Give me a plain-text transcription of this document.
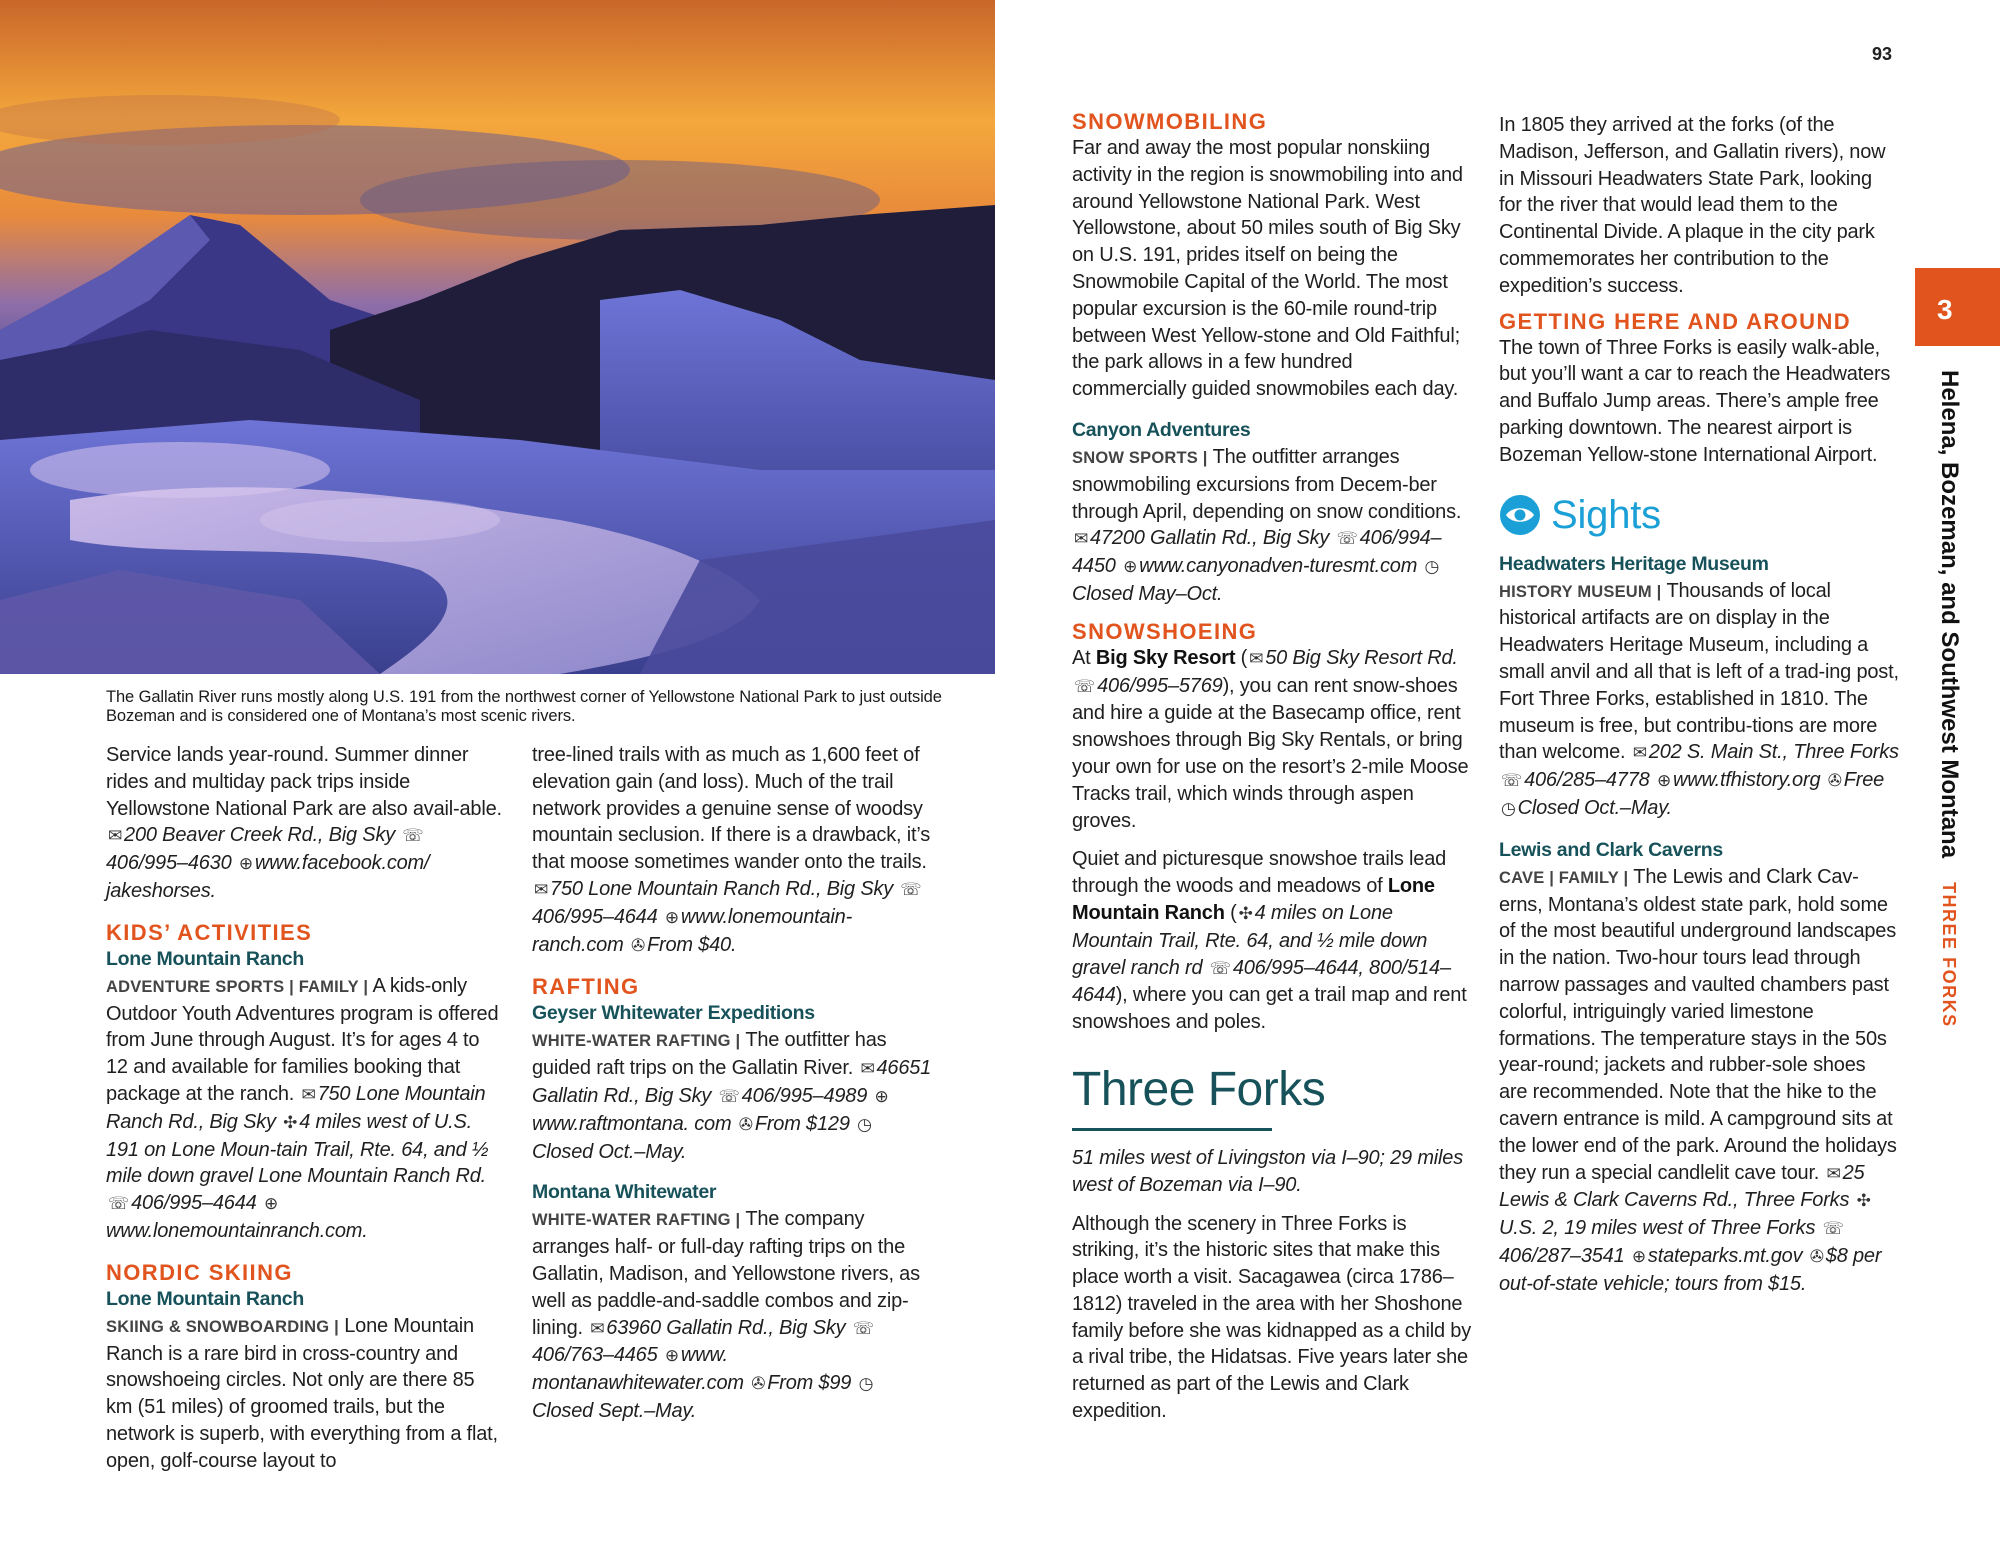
The Gallatin River runs mostly along U.S. 191 from the northwest corner of Yellowstone National Park to just outside Bozeman and is considered one of Montana’s most scenic rivers.

Service lands year-round. Summer dinner rides and multiday pack trips inside Yellowstone National Park are also avail-able. ✉ 200 Beaver Creek Rd., Big Sky ☏406/995–4630 ⊕ www.facebook.com/ jakeshorses.

KIDS’ ACTIVITIES
Lone Mountain Ranch

ADVENTURE SPORTS | FAMILY | A kids-only Outdoor Youth Adventures program is offered from June through August. It’s for ages 4 to 12 and available for families booking that package at the ranch. ✉ 750 Lone Mountain Ranch Rd., Big Sky ✣ 4 miles west of U.S. 191 on Lone Moun-tain Trail, Rte. 64, and ½ mile down gravel Lone Mountain Ranch Rd. ☏ 406/995–4644 ⊕www.lonemountainranch.com.

NORDIC SKIING
Lone Mountain Ranch

SKIING & SNOWBOARDING | Lone Mountain Ranch is a rare bird in cross-country and snowshoeing circles. Not only are there 85 km (51 miles) of groomed trails, but the network is superb, with everything from a flat, open, golf-course layout to

tree-lined trails with as much as 1,600 feet of elevation gain (and loss). Much of the trail network provides a genuine sense of woodsy mountain seclusion. If there is a drawback, it’s that moose sometimes wander onto the trails. ✉ 750 Lone Mountain Ranch Rd., Big Sky ☏406/995–4644 ⊕ www.lonemountain-ranch.com ✇ From $40.

RAFTING
Geyser Whitewater Expeditions

WHITE-WATER RAFTING | The outfitter has guided raft trips on the Gallatin River. ✉ 46651 Gallatin Rd., Big Sky ☏ 406/995–4989 ⊕www.raftmontana. com ✇ From $129 ◷Closed Oct.–May.

Montana Whitewater

WHITE-WATER RAFTING | The company arranges half- or full-day rafting trips on the Gallatin, Madison, and Yellowstone rivers, as well as paddle-and-saddle combos and zip-lining. ✉ 63960 Gallatin Rd., Big Sky ☏406/763–4465 ⊕ www. montanawhitewater.com ✇ From $99 ◷Closed Sept.–May.

SNOWMOBILING

Far and away the most popular nonskiing activity in the region is snowmobiling into and around Yellowstone National Park. West Yellowstone, about 50 miles south of Big Sky on U.S. 191, prides itself on being the Snowmobile Capital of the World. The most popular excursion is the 60-mile round-trip between West Yellow-stone and Old Faithful; the park allows in a few hundred commercially guided snowmobiles each day.

Canyon Adventures

SNOW SPORTS | The outfitter arranges snowmobiling excursions from Decem-ber through April, depending on snow conditions. ✉ 47200 Gallatin Rd., Big Sky ☏ 406/994–4450 ⊕ www.canyonadven-turesmt.com ◷Closed May–Oct.

SNOWSHOEING

At Big Sky Resort ( ✉ 50 Big Sky Resort Rd. ☏ 406/995–5769), you can rent snow-shoes and hire a guide at the Basecamp office, rent snowshoes through Big Sky Rentals, or bring your own for use on the resort’s 2-mile Moose Tracks trail, which winds through aspen groves.

Quiet and picturesque snowshoe trails lead through the woods and meadows of Lone Mountain Ranch ( ✣ 4 miles on Lone Mountain Trail, Rte. 64, and ½ mile down gravel ranch rd ☏ 406/995–4644, 800/514–4644), where you can get a trail map and rent snowshoes and poles.

Three Forks

51 miles west of Livingston via I–90; 29 miles west of Bozeman via I–90.

Although the scenery in Three Forks is striking, it’s the historic sites that make this place worth a visit. Sacagawea (circa 1786–1812) traveled in the area with her Shoshone family before she was kidnapped as a child by a rival tribe, the Hidatsas. Five years later she returned as part of the Lewis and Clark expedition.

In 1805 they arrived at the forks (of the Madison, Jefferson, and Gallatin rivers), now in Missouri Headwaters State Park, looking for the river that would lead them to the Continental Divide. A plaque in the city park commemorates her contribution to the expedition’s success.

GETTING HERE AND AROUND

The town of Three Forks is easily walk-able, but you’ll want a car to reach the Headwaters and Buffalo Jump areas. There’s ample free parking downtown. The nearest airport is Bozeman Yellow-stone International Airport.

Sights
Headwaters Heritage Museum

HISTORY MUSEUM | Thousands of local historical artifacts are on display in the Headwaters Heritage Museum, including a small anvil and all that is left of a trad-ing post, Fort Three Forks, established in 1810. The museum is free, but contribu-tions are more than welcome. ✉ 202 S. Main St., Three Forks ☏ 406/285–4778 ⊕ www.tfhistory.org ✇ Free ◷ Closed Oct.–May.

Lewis and Clark Caverns

CAVE | FAMILY | The Lewis and Clark Cav-erns, Montana’s oldest state park, hold some of the most beautiful underground landscapes in the nation. Two-hour tours lead through narrow passages and vaulted chambers past colorful, intriguingly varied limestone formations. The temperature stays in the 50s year-round; jackets and rubber-sole shoes are recommended. Note that the hike to the cavern entrance is mild. A campground sits at the lower end of the park. Around the holidays they run a special candlelit cave tour. ✉ 25 Lewis & Clark Caverns Rd., Three Forks ✣U.S. 2, 19 miles west of Three Forks ☏406/287–3541 ⊕ stateparks.mt.gov ✇ $8 per out-of-state vehicle; tours from $15.

93
3
Helena, Bozeman, and Southwest Montana
THREE FORKS
